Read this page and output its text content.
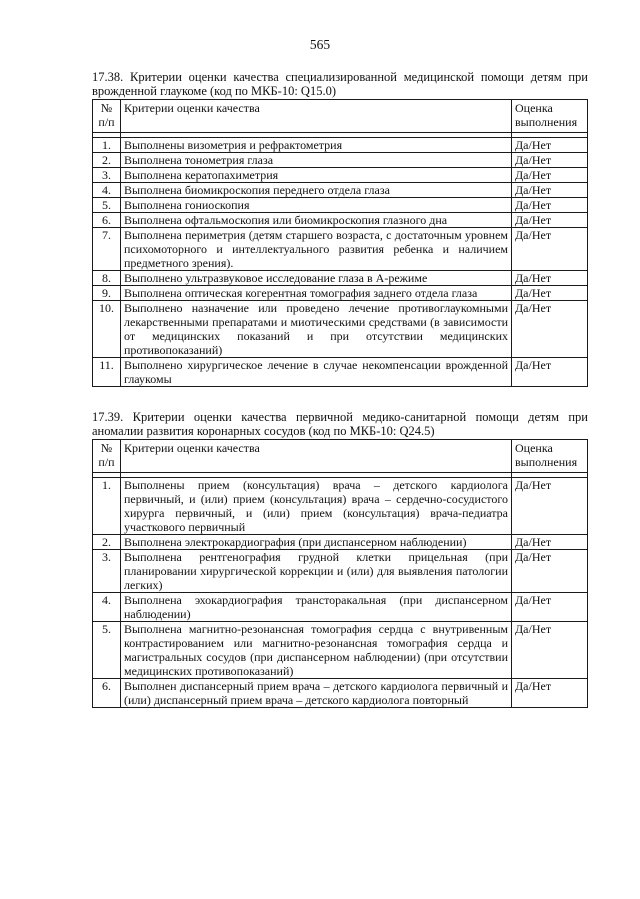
565

17.38. Критерии оценки качества специализированной медицинской помощи детям при врожденной глаукоме (код по МКБ-10: Q15.0)

№ п/п	Критерии оценки качества	Оценка выполнения

1.	Выполнены визометрия и рефрактометрия	Да/Нет
2.	Выполнена тонометрия глаза	Да/Нет
3.	Выполнена кератопахиметрия	Да/Нет
4.	Выполнена биомикроскопия переднего отдела глаза	Да/Нет
5.	Выполнена гониоскопия	Да/Нет
6.	Выполнена офтальмоскопия или биомикроскопия глазного дна	Да/Нет
7.	Выполнена периметрия (детям старшего возраста, с достаточным уровнем психомоторного и интеллектуального развития ребенка и наличием предметного зрения).	Да/Нет
8.	Выполнено ультразвуковое исследование глаза в А-режиме	Да/Нет
9.	Выполнена оптическая когерентная томография заднего отдела глаза	Да/Нет
10.	Выполнено назначение или проведено лечение противоглаукомными лекарственными препаратами и миотическими средствами (в зависимости от медицинских показаний и при отсутствии медицинских противопоказаний)	Да/Нет
11.	Выполнено хирургическое лечение в случае некомпенсации врожденной глаукомы	Да/Нет

17.39. Критерии оценки качества первичной медико-санитарной помощи детям при аномалии развития коронарных сосудов (код по МКБ-10: Q24.5)

№ п/п	Критерии оценки качества	Оценка выполнения

1.	Выполнены прием (консультация) врача – детского кардиолога первичный, и (или) прием (консультация) врача – сердечно-сосудистого хирурга первичный, и (или) прием (консультация) врача-педиатра участкового первичный	Да/Нет
2.	Выполнена электрокардиография (при диспансерном наблюдении)	Да/Нет
3.	Выполнена рентгенография грудной клетки прицельная (при планировании хирургической коррекции и (или) для выявления патологии легких)	Да/Нет
4.	Выполнена эхокардиография трансторакальная (при диспансерном наблюдении)	Да/Нет
5.	Выполнена магнитно-резонансная томография сердца с внутривенным контрастированием или магнитно-резонансная томография сердца и магистральных сосудов (при диспансерном наблюдении) (при отсутствии медицинских противопоказаний)	Да/Нет
6.	Выполнен диспансерный прием врача – детского кардиолога первичный и (или) диспансерный прием врача – детского кардиолога повторный	Да/Нет
